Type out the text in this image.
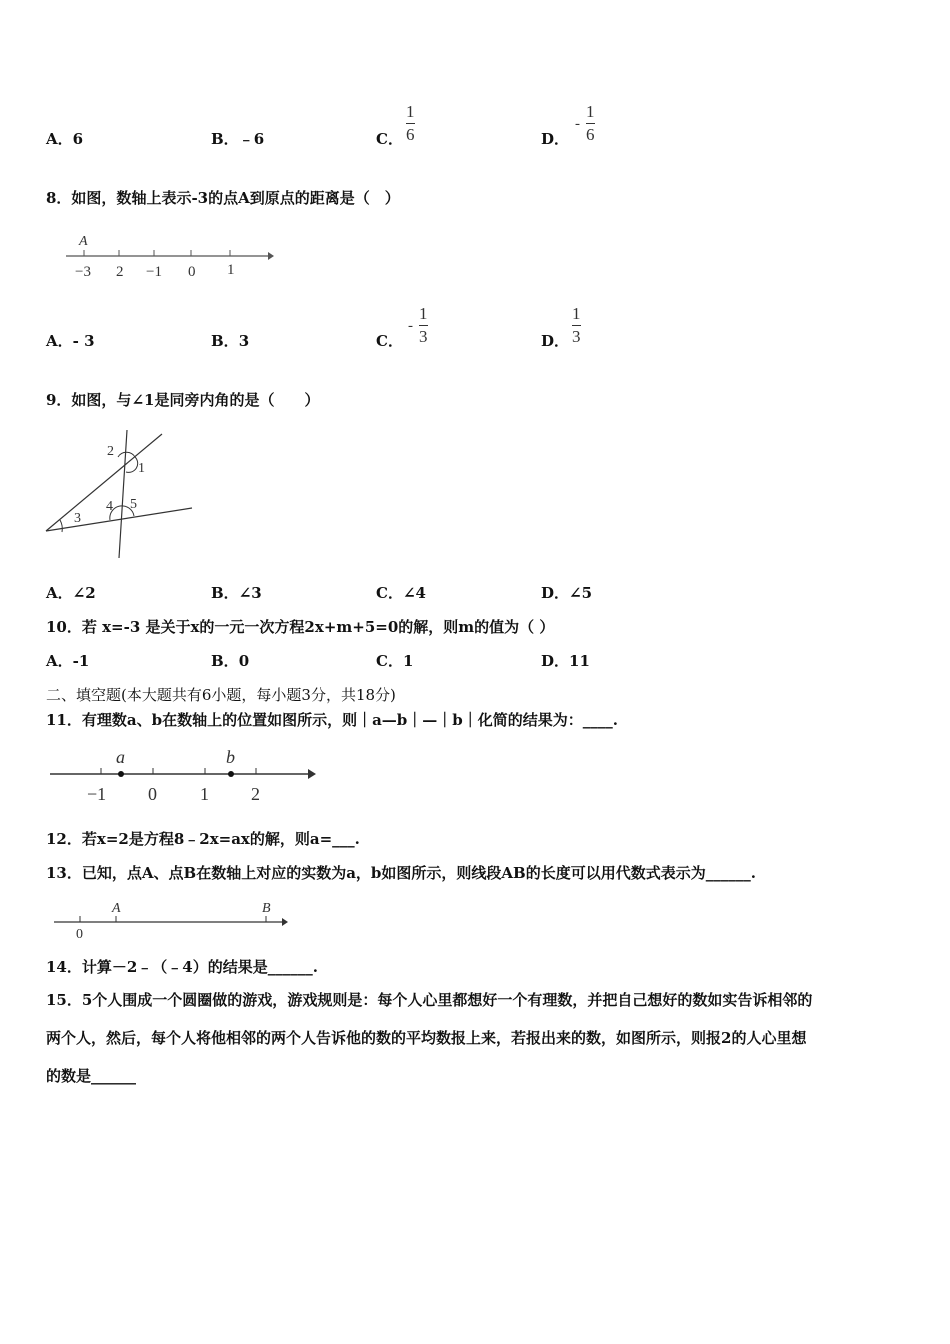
A．6	B．﹣6	C．
1
6	D．
-
1
6
8．如图，数轴上表示-3的点A到原点的距离是（　）
A
−3 2 −1 0 1
A．- 3	B．3	C．
-
1
3	D．
1
3
9．如图，与∠1是同旁内角的是（　　）
2
1
3
4 5
A．∠2	B．∠3	C．∠4	D．∠5
10．若 x=-3 是关于x的一元一次方程2x+m+5=0的解，则m的值为（ ）
A．-1	B．0	C．1	D．11
二、填空题(本大题共有6小题，每小题3分，共18分)
11．有理数a、b在数轴上的位置如图所示，则｜a—b｜—｜b｜化简的结果为：____.
a	b
−1 0 1 2
12．若x=2是方程8﹣2x=ax的解，则a=___.
13．已知，点A、点B在数轴上对应的实数为a，b如图所示，则线段AB的长度可以用代数式表示为______.
A	B
0
14．计算－2﹣（﹣4）的结果是______.
15．5个人围成一个圆圈做的游戏，游戏规则是：每个人心里都想好一个有理数，并把自己想好的数如实告诉相邻的
两个人，然后，每个人将他相邻的两个人告诉他的数的平均数报上来，若报出来的数，如图所示，则报2的人心里想
的数是______
